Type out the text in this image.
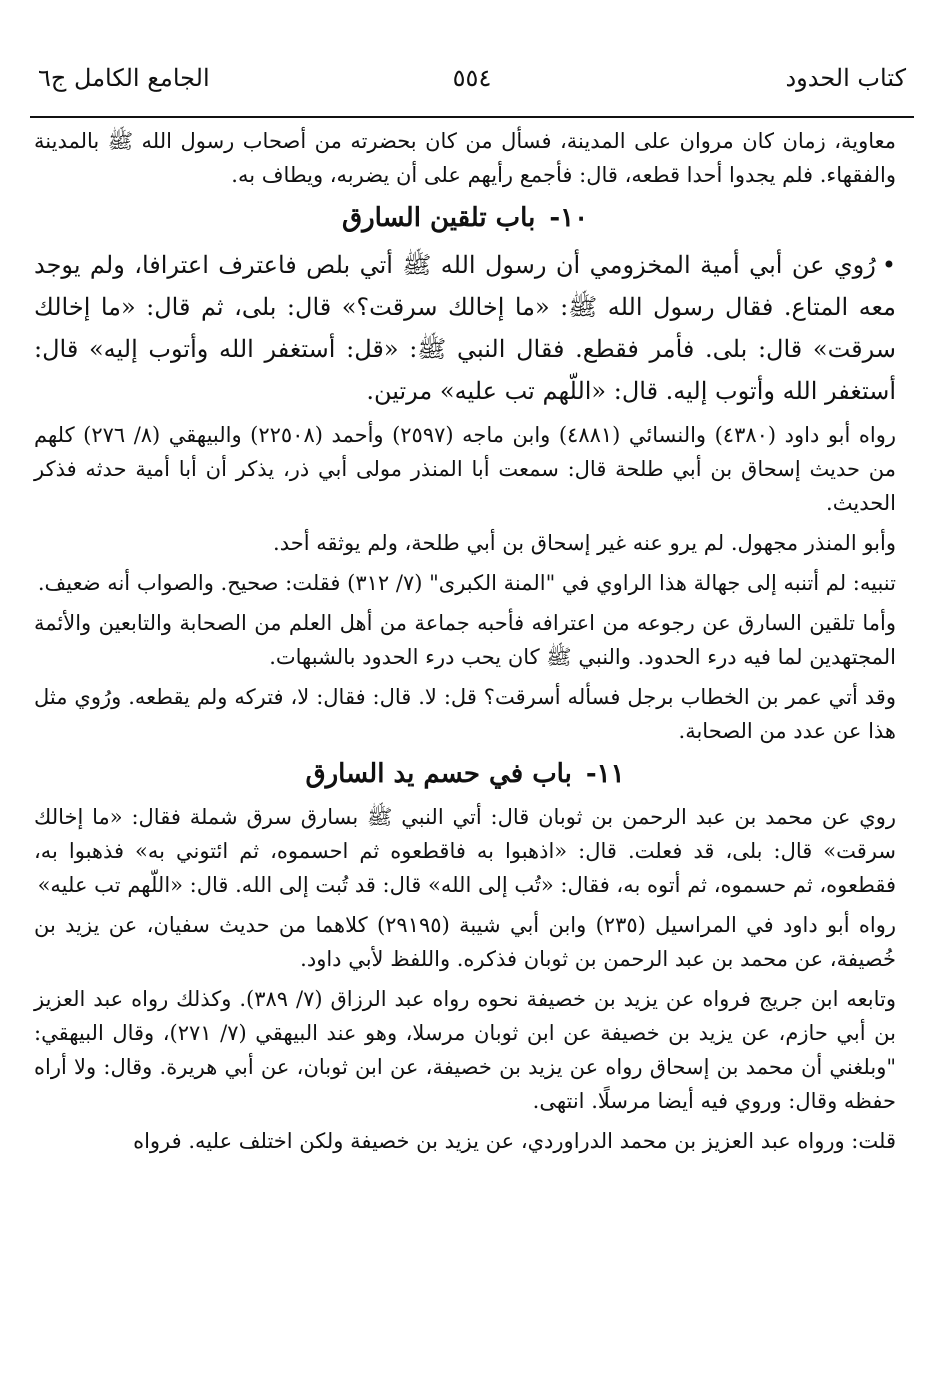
كتاب الحدود
٥٥٤
الجامع الكامل ج٦

معاوية، زمان كان مروان على المدينة، فسأل من كان بحضرته من أصحاب رسول الله ﷺ بالمدينة والفقهاء. فلم يجدوا أحدا قطعه، قال: فأجمع رأيهم على أن يضربه، ويطاف به.

١٠-باب تلقين السارق

•رُوي عن أبي أمية المخزومي أن رسول الله ﷺ أتي بلص فاعترف اعترافا، ولم يوجد معه المتاع. فقال رسول الله ﷺ: «ما إخالك سرقت؟» قال: بلى، ثم قال: «ما إخالك سرقت» قال: بلى. فأمر فقطع. فقال النبي ﷺ: «قل: أستغفر الله وأتوب إليه» قال: أستغفر الله وأتوب إليه. قال: «اللّهم تب عليه» مرتين.

رواه أبو داود (٤٣٨٠) والنسائي (٤٨٨١) وابن ماجه (٢٥٩٧) وأحمد (٢٢٥٠٨) والبيهقي (٨/ ٢٧٦) كلهم من حديث إسحاق بن أبي طلحة قال: سمعت أبا المنذر مولى أبي ذر، يذكر أن أبا أمية حدثه فذكر الحديث.

وأبو المنذر مجهول. لم يرو عنه غير إسحاق بن أبي طلحة، ولم يوثقه أحد.

تنبيه: لم أتنبه إلى جهالة هذا الراوي في "المنة الكبرى" (٧/ ٣١٢) فقلت: صحيح. والصواب أنه ضعيف.

وأما تلقين السارق عن رجوعه من اعترافه فأحبه جماعة من أهل العلم من الصحابة والتابعين والأئمة المجتهدين لما فيه درء الحدود. والنبي ﷺ كان يحب درء الحدود بالشبهات.

وقد أتي عمر بن الخطاب برجل فسأله أسرقت؟ قل: لا. قال: فقال: لا، فتركه ولم يقطعه. ورُوي مثل هذا عن عدد من الصحابة.

١١-باب في حسم يد السارق

روي عن محمد بن عبد الرحمن بن ثوبان قال: أتي النبي ﷺ بسارق سرق شملة فقال: «ما إخالك سرقت» قال: بلى، قد فعلت. قال: «اذهبوا به فاقطعوه ثم احسموه، ثم ائتوني به» فذهبوا به، فقطعوه، ثم حسموه، ثم أتوه به، فقال: «تُب إلى الله» قال: قد تُبت إلى الله. قال: «اللّهم تب عليه»

رواه أبو داود في المراسيل (٢٣٥) وابن أبي شيبة (٢٩١٩٥) كلاهما من حديث سفيان، عن يزيد بن خُصيفة، عن محمد بن عبد الرحمن بن ثوبان فذكره. واللفظ لأبي داود.

وتابعه ابن جريج فرواه عن يزيد بن خصيفة نحوه رواه عبد الرزاق (٧/ ٣٨٩). وكذلك رواه عبد العزيز بن أبي حازم، عن يزيد بن خصيفة عن ابن ثوبان مرسلا، وهو عند البيهقي (٧/ ٢٧١)، وقال البيهقي: "وبلغني أن محمد بن إسحاق رواه عن يزيد بن خصيفة، عن ابن ثوبان، عن أبي هريرة. وقال: ولا أراه حفظه وقال: وروي فيه أيضا مرسلًا. انتهى.

قلت: ورواه عبد العزيز بن محمد الدراوردي، عن يزيد بن خصيفة ولكن اختلف عليه. فرواه
